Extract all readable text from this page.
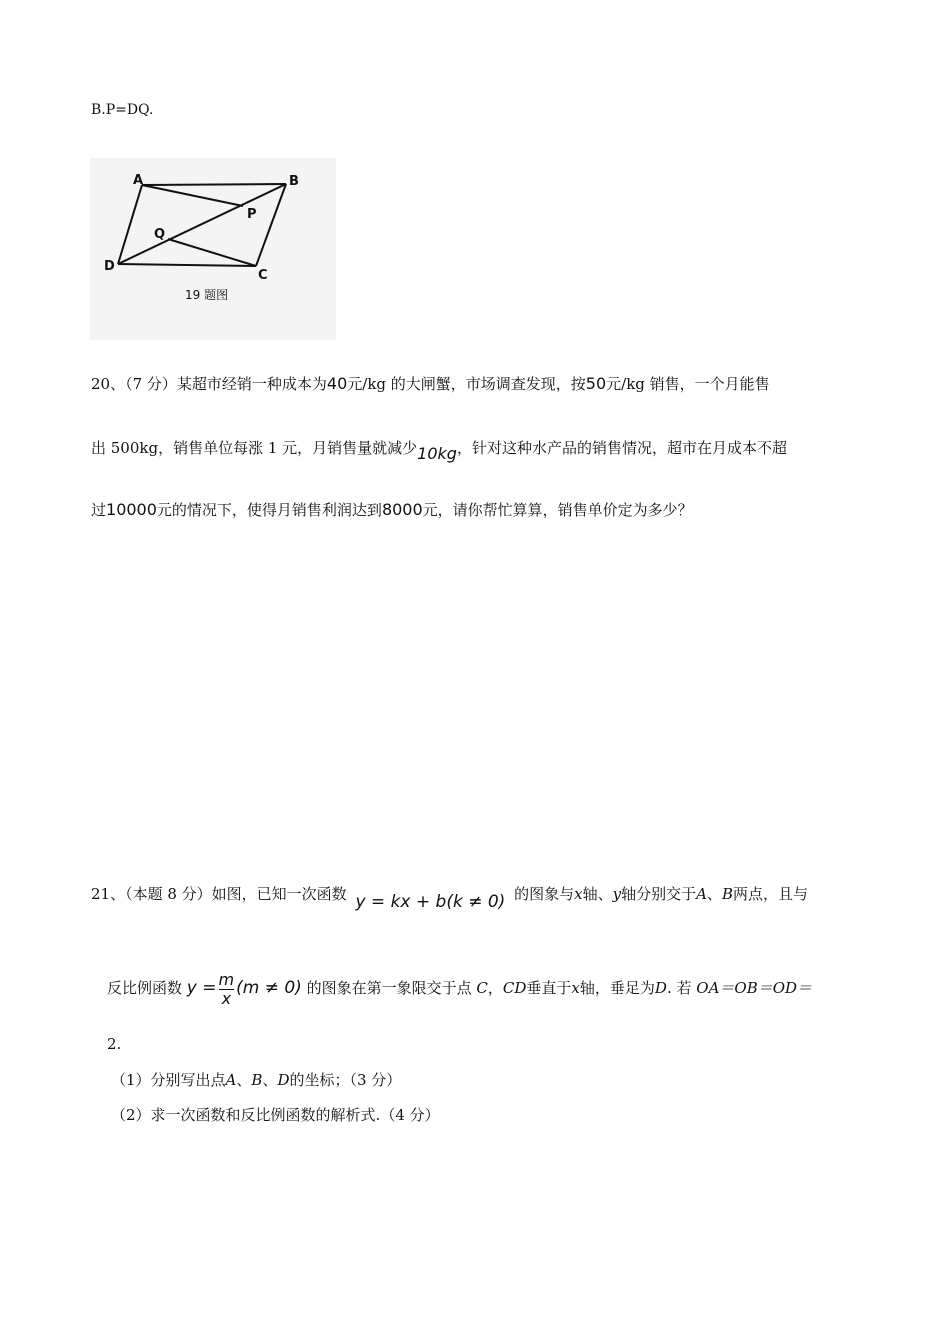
B.P=DQ.
A	B
C
D
P
Q
19 题图
20、（7 分）某超市经销一种成本为40元/kg 的大闸蟹，市场调查发现，按50元/kg 销售，一个月能售
出 500kg，销售单位每涨 1 元，月销售量就减少10kg，针对这种水产品的销售情况，超市在月成本不超
过10000元的情况下，使得月销售利润达到8000元，请你帮忙算算，销售单价定为多少？
21、（本题 8 分）如图，已知一次函数 y = kx + b(k ≠ 0) 的图象与x轴、y轴分别交于A、B两点，且与
反比例函数 $y = \frac{m}{x} (m \ne 0)$ 的图象在第一象限交于点 C，CD垂直于x轴，垂足为D. 若 OA＝OB＝OD＝
2.
（1）分别写出点A、B、D的坐标；（3 分）
（2）求一次函数和反比例函数的解析式.（4 分）
